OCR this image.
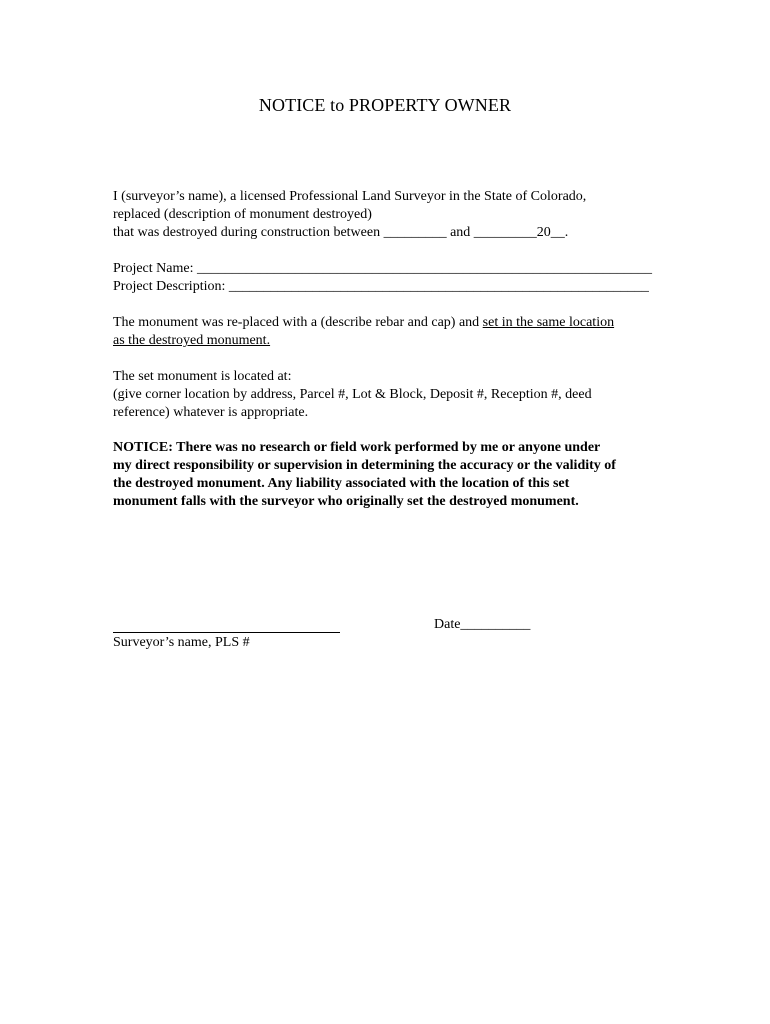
NOTICE to PROPERTY OWNER
I (surveyor’s name), a licensed Professional Land Surveyor in the State of Colorado,
replaced (description of monument destroyed)
that was destroyed during construction between _________ and _________20__.
Project Name: _________________________________________________________________
Project Description: ____________________________________________________________
The monument was re-placed with a (describe rebar and cap) and set in the same location
as the destroyed monument.
The set monument is located at:
(give corner location by address, Parcel #, Lot & Block, Deposit #, Reception #, deed
reference) whatever is appropriate.
NOTICE: There was no research or field work performed by me or anyone under
my direct responsibility or supervision in determining the accuracy or the validity of
the destroyed monument. Any liability associated with the location of this set
monument falls with the surveyor who originally set the destroyed monument.
Surveyor’s name, PLS #
Date__________
